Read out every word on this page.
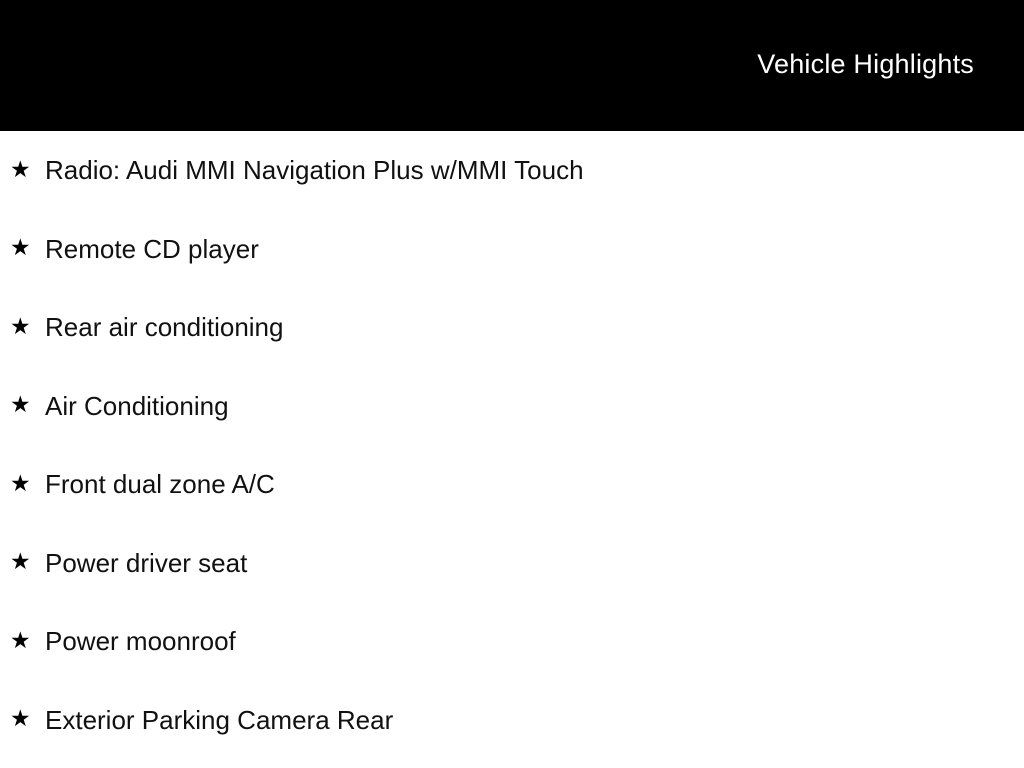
Vehicle Highlights
★ Radio: Audi MMI Navigation Plus w/MMI Touch
★ Remote CD player
★ Rear air conditioning
★ Air Conditioning
★ Front dual zone A/C
★ Power driver seat
★ Power moonroof
★ Exterior Parking Camera Rear
